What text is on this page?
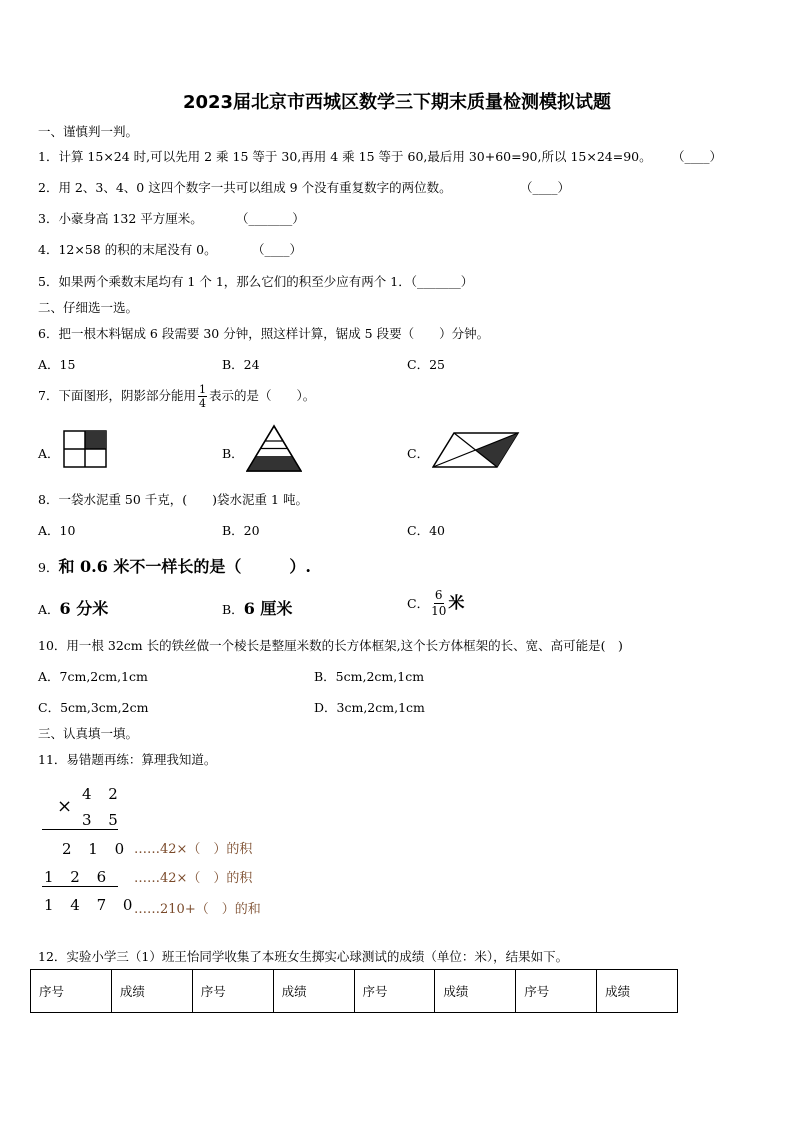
2023届北京市西城区数学三下期末质量检测模拟试题
一、谨慎判一判。
1．计算 15×24 时,可以先用 2 乘 15 等于 30,再用 4 乘 15 等于 60,最后用 30+60=90,所以 15×24=90。 （____）
2．用 2、3、4、0 这四个数字一共可以组成 9 个没有重复数字的两位数。	（____）
3．小豪身高 132 平方厘米。	（_______）
4．12×58 的积的末尾没有 0。	（____）
5．如果两个乘数末尾均有 1 个 1，那么它们的积至少应有两个 1．（_______）
二、仔细选一选。
6．把一根木料锯成 6 段需要 30 分钟，照这样计算，锯成 5 段要（　　）分钟。
A．15	B．24	C．25
7．下面图形，阴影部分能用 $\frac{1}{4}$ 表示的是（　　）。
A．	B．	C．
8．一袋水泥重 50 千克，(　　)袋水泥重 1 吨。
A．10	B．20	C．40
9．和 0.6 米不一样长的是（　　　）.
A．6 分米	B．6 厘米	C． $\frac{6}{10}$ 米
10．用一根 32cm 长的铁丝做一个棱长是整厘米数的长方体框架,这个长方体框架的长、宽、高可能是(　)
A．7cm,2cm,1cm	B．5cm,2cm,1cm
C．5cm,3cm,2cm	D．3cm,2cm,1cm
三、认真填一填。
11．易错题再练：算理我知道。
4 2
×
3 5
2 1 0 ……42×（　）的积
1 2 6 ……42×（　）的积
1 4 7 0
……210+（　）的和
12．实验小学三（1）班王怡同学收集了本班女生掷实心球测试的成绩（单位：米），结果如下。
序号	成绩	序号	成绩	序号	成绩	序号	成绩
